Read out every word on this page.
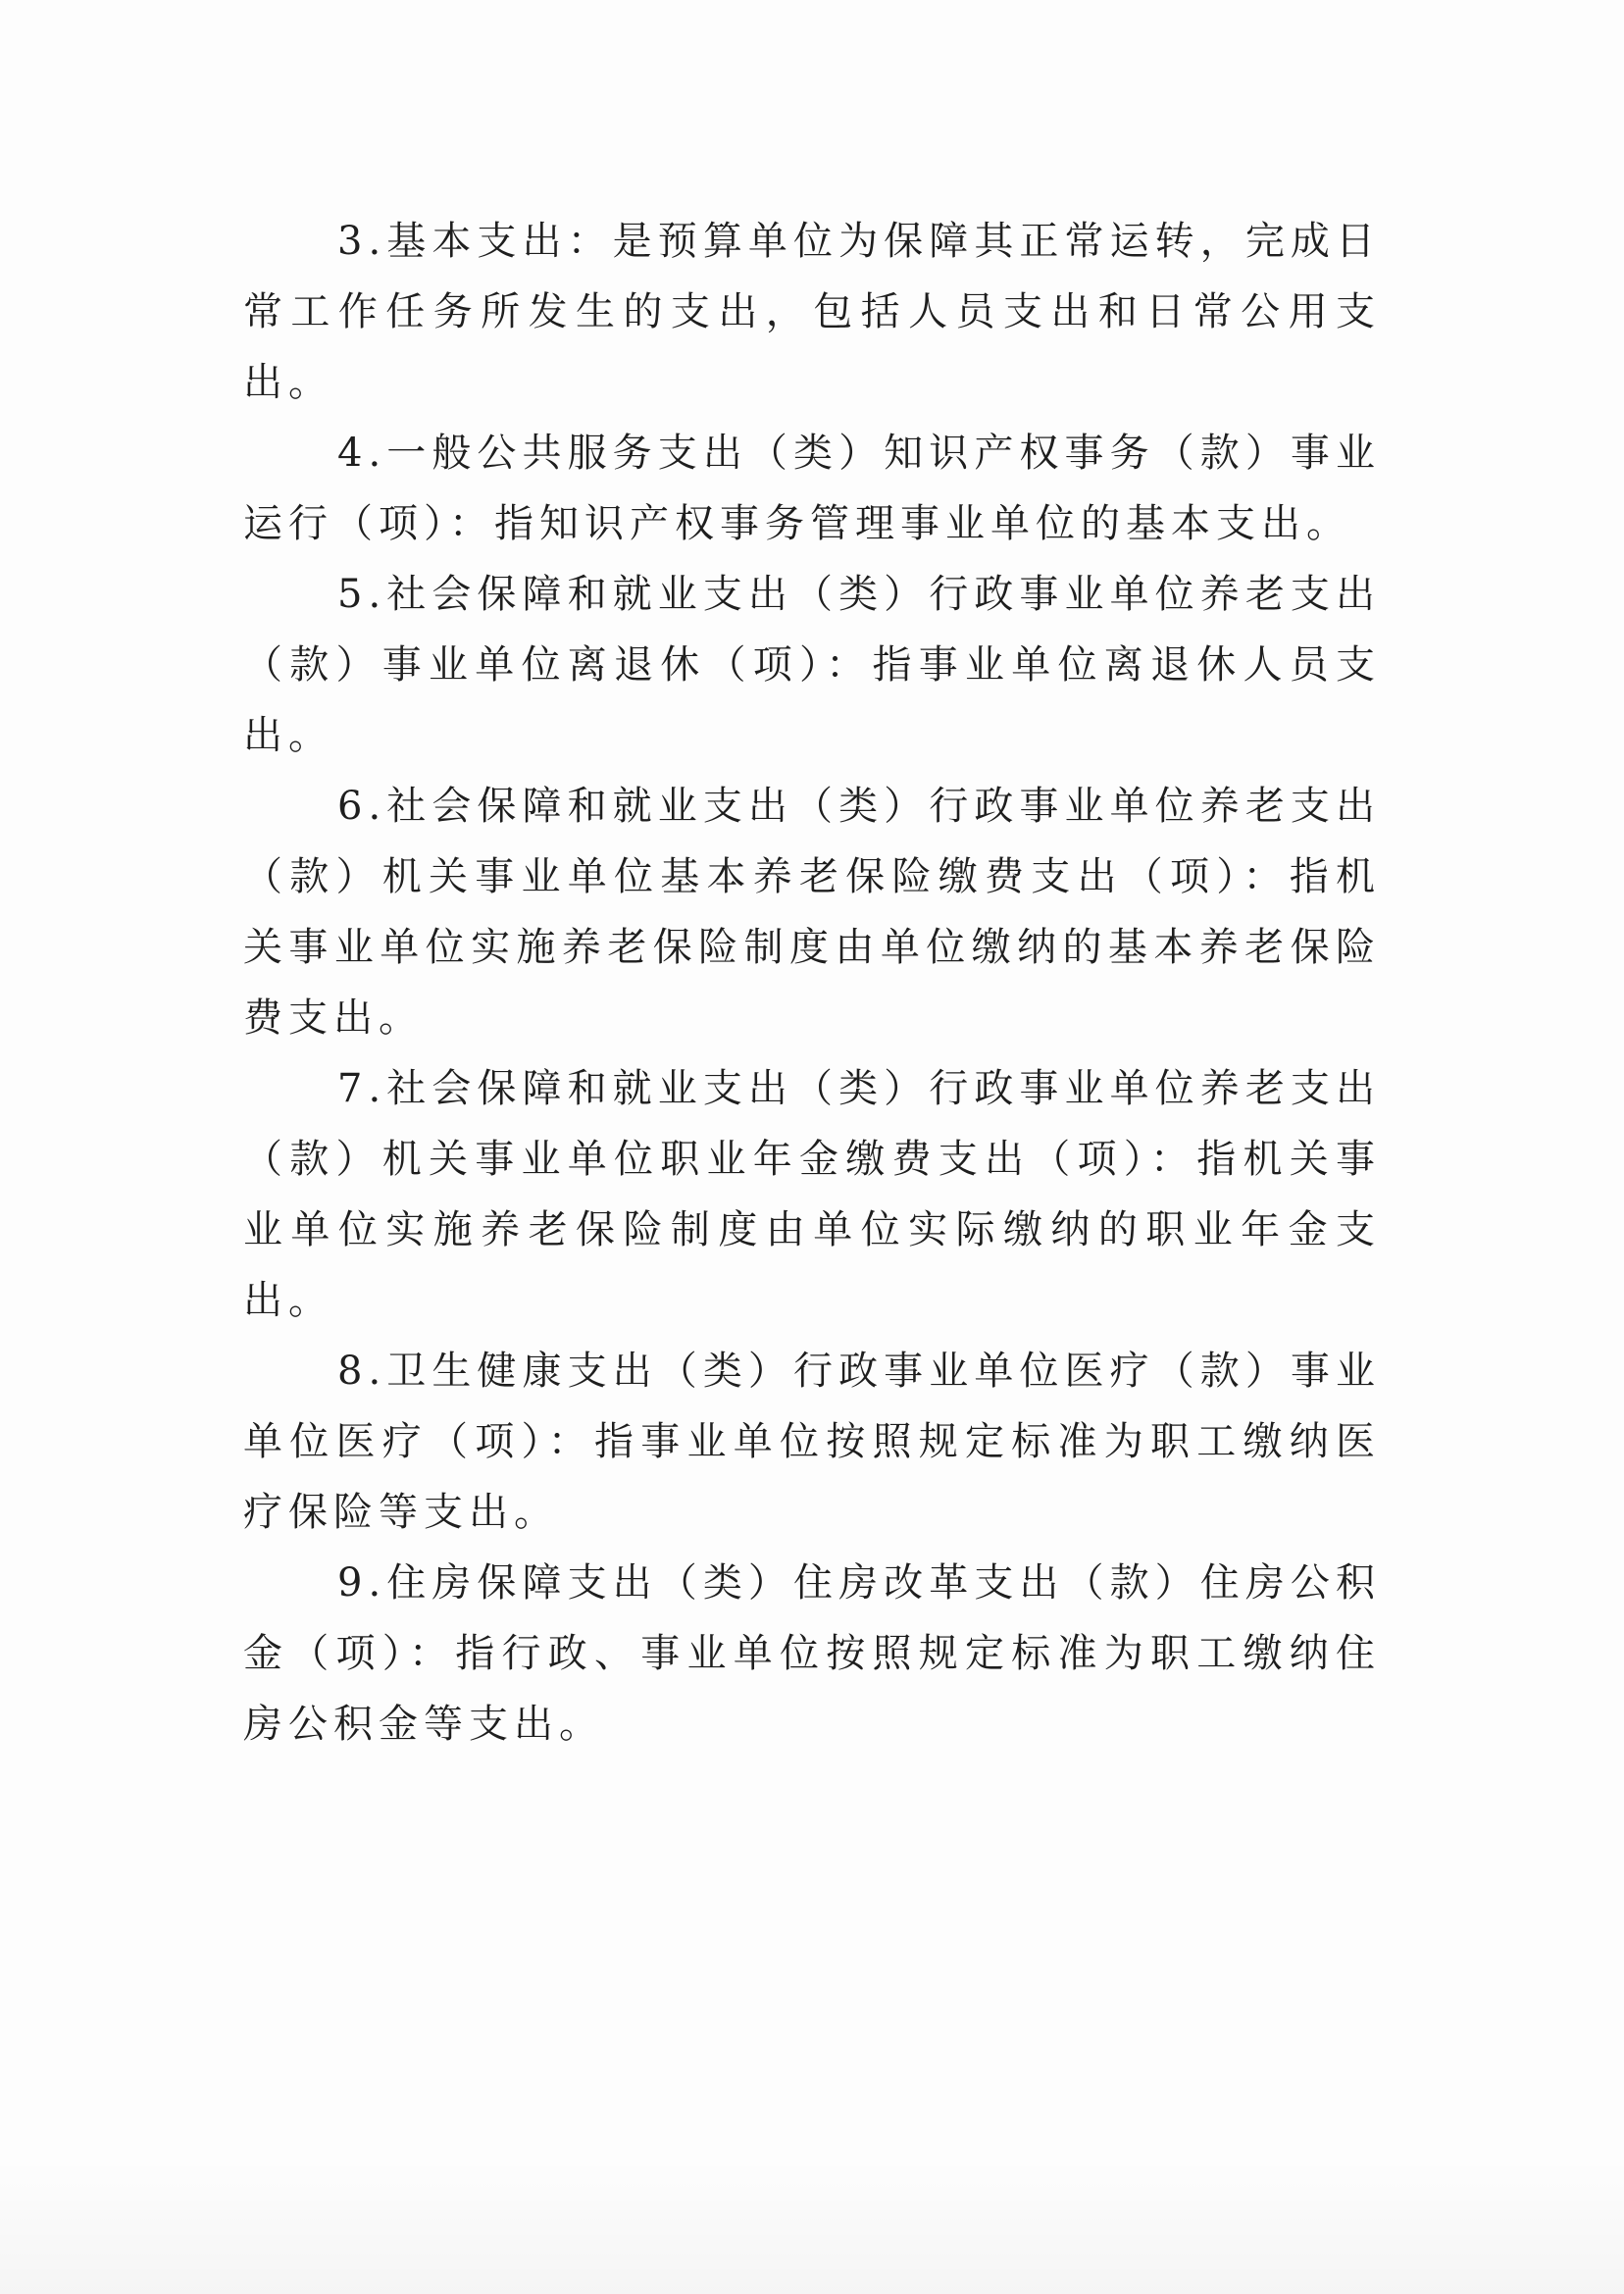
3.基本支出：是预算单位为保障其正常运转，完成日常工作任务所发生的支出，包括人员支出和日常公用支出。

4.一般公共服务支出（类）知识产权事务（款）事业运行（项）：指知识产权事务管理事业单位的基本支出。

5.社会保障和就业支出（类）行政事业单位养老支出（款）事业单位离退休（项）：指事业单位离退休人员支出。

6.社会保障和就业支出（类）行政事业单位养老支出（款）机关事业单位基本养老保险缴费支出（项）：指机关事业单位实施养老保险制度由单位缴纳的基本养老保险费支出。

7.社会保障和就业支出（类）行政事业单位养老支出（款）机关事业单位职业年金缴费支出（项）：指机关事业单位实施养老保险制度由单位实际缴纳的职业年金支出。

8.卫生健康支出（类）行政事业单位医疗（款）事业单位医疗（项）：指事业单位按照规定标准为职工缴纳医疗保险等支出。

9.住房保障支出（类）住房改革支出（款）住房公积金（项）：指行政、事业单位按照规定标准为职工缴纳住房公积金等支出。
